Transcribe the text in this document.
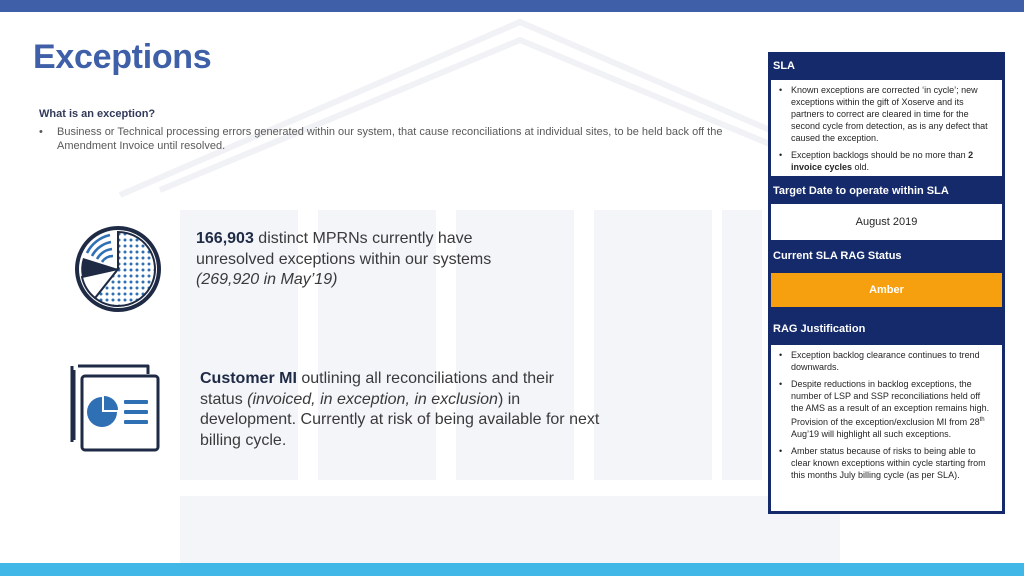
Exceptions
What is an exception?
•	Business or Technical processing errors generated within our system, that cause reconciliations at individual sites, to be held back off the Amendment Invoice until resolved.
166,903 distinct MPRNs currently have unresolved exceptions within our systems
(269,920 in May’19)
Customer MI outlining all reconciliations and their status (invoiced, in exception, in exclusion) in development. Currently at risk of being available for next billing cycle.
SLA
• Known exceptions are corrected ‘in cycle’; new exceptions within the gift of Xoserve and its partners to correct are cleared in time for the second cycle from detection, as is any defect that caused the exception.
• Exception backlogs should be no more than 2 invoice cycles old.
Target Date to operate within SLA
August 2019
Current SLA RAG Status
Amber
RAG Justification
• Exception backlog clearance continues to trend downwards.
• Despite reductions in backlog exceptions, the number of LSP and SSP reconciliations held off the AMS as a result of an exception remains high. Provision of the exception/exclusion MI from 28th Aug’19 will highlight all such exceptions.
• Amber status because of risks to being able to clear known exceptions within cycle starting from this months July billing cycle (as per SLA).
